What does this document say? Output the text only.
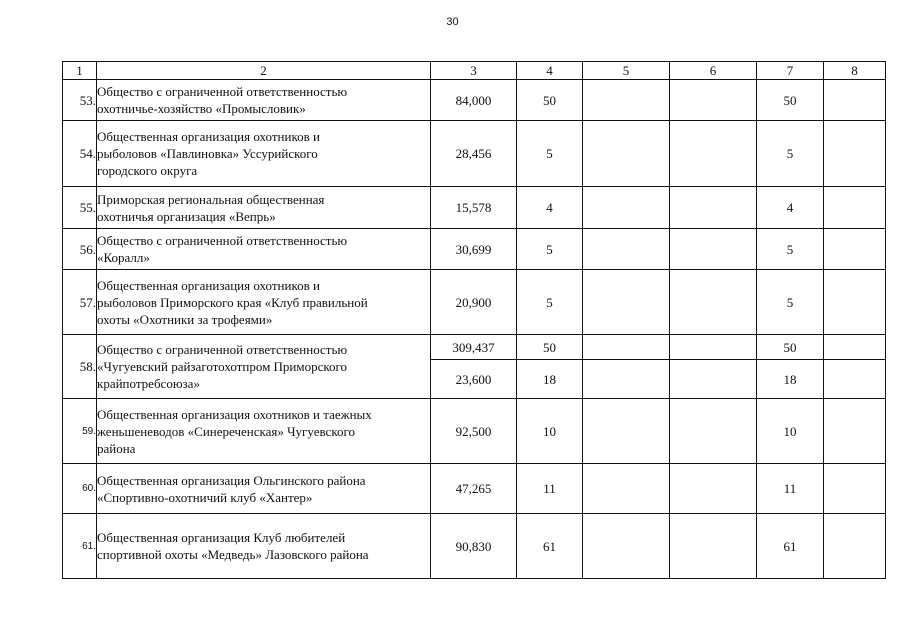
30
1	2	3	4	5	6	7	8
53.	Общество с ограниченной ответственностью
охотничье-хозяйство «Промысловик»	84,000	50			50	
54.	Общественная организация охотников и
рыболовов «Павлиновка» Уссурийского
городского округа	28,456	5			5	
55.	Приморская региональная общественная
охотничья организация «Вепрь»	15,578	4			4	
56.	Общество с ограниченной ответственностью
«Коралл»	30,699	5			5	
57.	Общественная организация охотников и
рыболовов Приморского края «Клуб правильной
охоты «Охотники за трофеями»	20,900	5			5	
58.	Общество с ограниченной ответственностью
«Чугуевский райзаготохотпром Приморского
крайпотребсоюза»	309,437	50			50	
		23,600	18			18	
59.	Общественная организация охотников и таежных
женьшеневодов «Синереченская» Чугуевского
района	92,500	10			10	
60.	Общественная организация Ольгинского района
«Спортивно-охотничий клуб «Хантер»	47,265	11			11	
61.	Общественная организация Клуб любителей
спортивной охоты «Медведь» Лазовского района	90,830	61			61	
